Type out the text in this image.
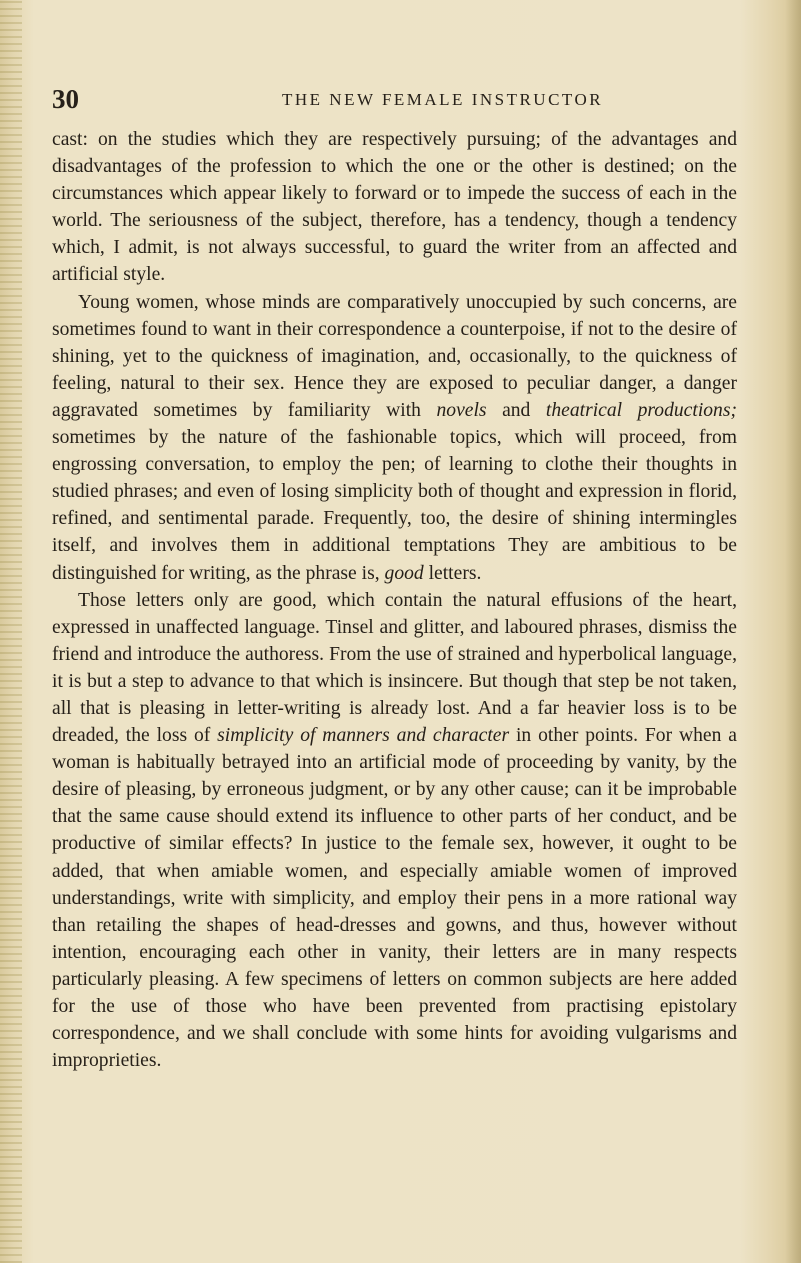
30	THE NEW FEMALE INSTRUCTOR

cast: on the studies which they are respectively pursuing; of the advantages and disadvantages of the profession to which the one or the other is destined; on the circumstances which appear likely to forward or to impede the success of each in the world. The seriousness of the subject, therefore, has a tendency, though a tendency which, I admit, is not always successful, to guard the writer from an affected and artificial style.

Young women, whose minds are comparatively unoccupied by such concerns, are sometimes found to want in their correspondence a counterpoise, if not to the desire of shining, yet to the quickness of imagination, and, occasionally, to the quickness of feeling, natural to their sex. Hence they are exposed to peculiar danger, a danger aggravated sometimes by familiarity with novels and theatrical productions; sometimes by the nature of the fashionable topics, which will proceed, from engrossing conversation, to employ the pen; of learning to clothe their thoughts in studied phrases; and even of losing simplicity both of thought and expression in florid, refined, and sentimental parade. Frequently, too, the desire of shining intermingles itself, and involves them in additional temptations They are ambitious to be distinguished for writing, as the phrase is, good letters.

Those letters only are good, which contain the natural effusions of the heart, expressed in unaffected language. Tinsel and glitter, and laboured phrases, dismiss the friend and introduce the authoress. From the use of strained and hyperbolical language, it is but a step to advance to that which is insincere. But though that step be not taken, all that is pleasing in letter-writing is already lost. And a far heavier loss is to be dreaded, the loss of simplicity of manners and character in other points. For when a woman is habitually betrayed into an artificial mode of proceeding by vanity, by the desire of pleasing, by erroneous judgment, or by any other cause; can it be improbable that the same cause should extend its influence to other parts of her conduct, and be productive of similar effects? In justice to the female sex, however, it ought to be added, that when amiable women, and especially amiable women of improved understandings, write with simplicity, and employ their pens in a more rational way than retailing the shapes of head-dresses and gowns, and thus, however without intention, encouraging each other in vanity, their letters are in many respects particularly pleasing. A few specimens of letters on common subjects are here added for the use of those who have been prevented from practising epistolary correspondence, and we shall conclude with some hints for avoiding vulgarisms and improprieties.
